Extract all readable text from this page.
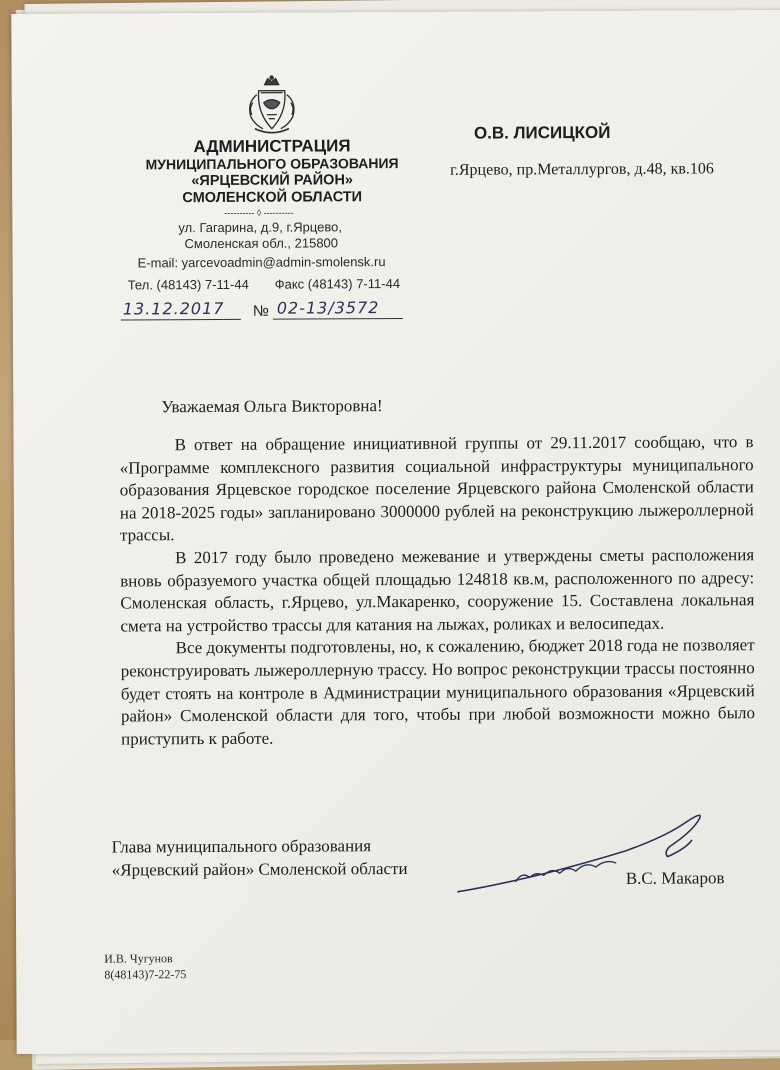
АДМИНИСТРАЦИЯ
МУНИЦИПАЛЬНОГО ОБРАЗОВАНИЯ
«ЯРЦЕВСКИЙ РАЙОН»
СМОЛЕНСКОЙ ОБЛАСТИ
---------- ◊ ----------
ул. Гагарина, д.9, г.Ярцево,
Смоленская обл., 215800
E-mail: yarcevoadmin@admin-smolensk.ru
Тел. (48143) 7-11-44 Факс (48143) 7-11-44
13.12.2017 № 02-13/3572
О.В. ЛИСИЦКОЙ
г.Ярцево, пр.Металлургов, д.48, кв.106
Уважаемая Ольга Викторовна!

В ответ на обращение инициативной группы от 29.11.2017 сообщаю, что в «Программе комплексного развития социальной инфраструктуры муниципального образования Ярцевское городское поселение Ярцевского района Смоленской области на 2018-2025 годы» запланировано 3000000 рублей на реконструкцию лыжероллерной трассы.

В 2017 году было проведено межевание и утверждены сметы расположения вновь образуемого участка общей площадью 124818 кв.м, расположенного по адресу: Смоленская область, г.Ярцево, ул.Макаренко, сооружение 15. Составлена локальная смета на устройство трассы для катания на лыжах, роликах и велосипедах.

Все документы подготовлены, но, к сожалению, бюджет 2018 года не позволяет реконструировать лыжероллерную трассу. Но вопрос реконструкции трассы постоянно будет стоять на контроле в Администрации муниципального образования «Ярцевский район» Смоленской области для того, чтобы при любой возможности можно было приступить к работе.

Глава муниципального образования
«Ярцевский район» Смоленской области	В.С. Макаров
И.В. Чугунов
8(48143)7-22-75
